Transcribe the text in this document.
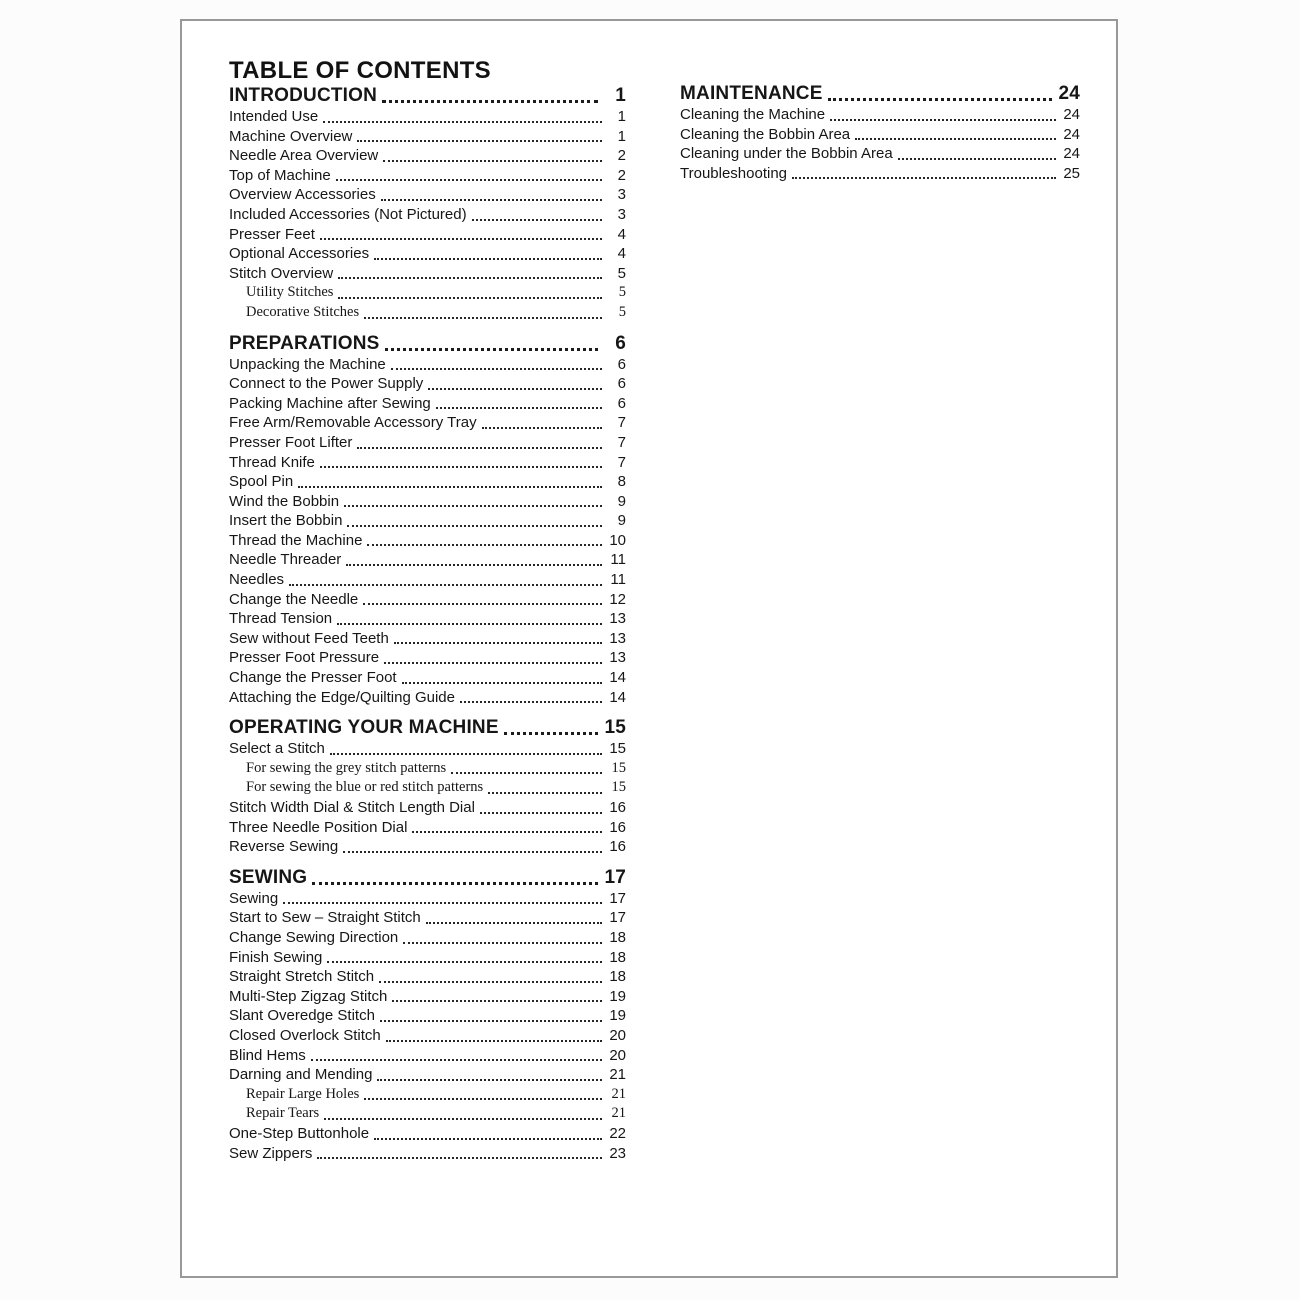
TABLE OF CONTENTS
INTRODUCTION	1
Intended Use	1
Machine Overview	1
Needle Area Overview	2
Top of Machine	2
Overview Accessories	3
Included Accessories (Not Pictured)	3
Presser Feet	4
Optional Accessories	4
Stitch Overview	5
Utility Stitches	5
Decorative Stitches	5
PREPARATIONS	6
Unpacking the Machine	6
Connect to the Power Supply	6
Packing Machine after Sewing	6
Free Arm/Removable Accessory Tray	7
Presser Foot Lifter	7
Thread Knife	7
Spool Pin	8
Wind the Bobbin	9
Insert the Bobbin	9
Thread the Machine	10
Needle Threader	11
Needles	11
Change the Needle	12
Thread Tension	13
Sew without Feed Teeth	13
Presser Foot Pressure	13
Change the Presser Foot	14
Attaching the Edge/Quilting Guide	14
OPERATING YOUR MACHINE	15
Select a Stitch	15
For sewing the grey stitch patterns	15
For sewing the blue or red stitch patterns	15
Stitch Width Dial & Stitch Length Dial	16
Three Needle Position Dial	16
Reverse Sewing	16
SEWING	17
Sewing	17
Start to Sew – Straight Stitch	17
Change Sewing Direction	18
Finish Sewing	18
Straight Stretch Stitch	18
Multi-Step Zigzag Stitch	19
Slant Overedge Stitch	19
Closed Overlock Stitch	20
Blind Hems	20
Darning and Mending	21
Repair Large Holes	21
Repair Tears	21
One-Step Buttonhole	22
Sew Zippers	23
MAINTENANCE	24
Cleaning the Machine	24
Cleaning the Bobbin Area	24
Cleaning under the Bobbin Area	24
Troubleshooting	25
